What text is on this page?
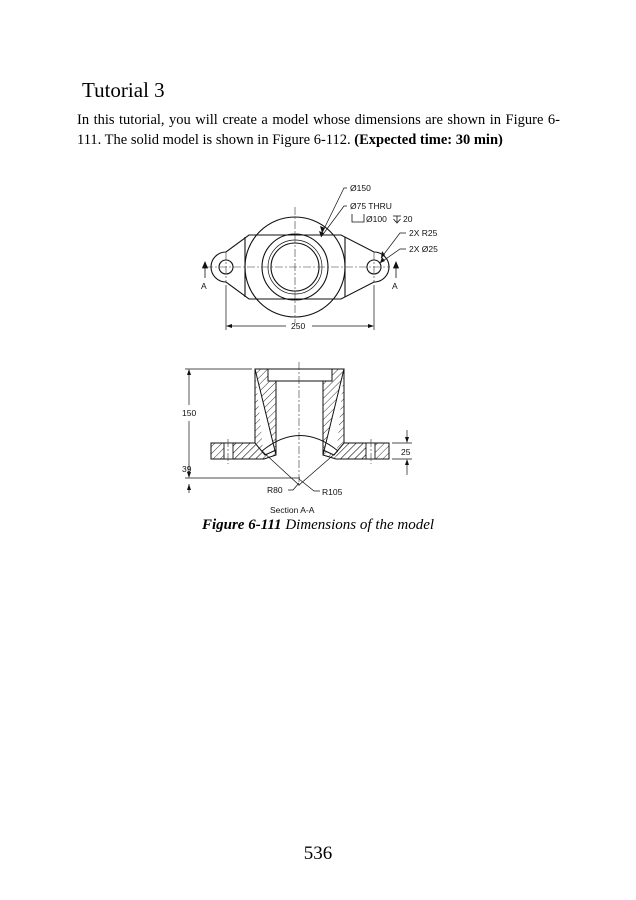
Tutorial 3

In this tutorial, you will create a model whose dimensions are shown in Figure 6-111. The solid model is shown in Figure 6-112. (Expected time: 30 min)

A	A
Ø150
Ø75 THRU
Ø100 20
2X R25
2X Ø25
250
150
39
25
R80	R105
Section A-A

Figure 6-111 Dimensions of the model

536
